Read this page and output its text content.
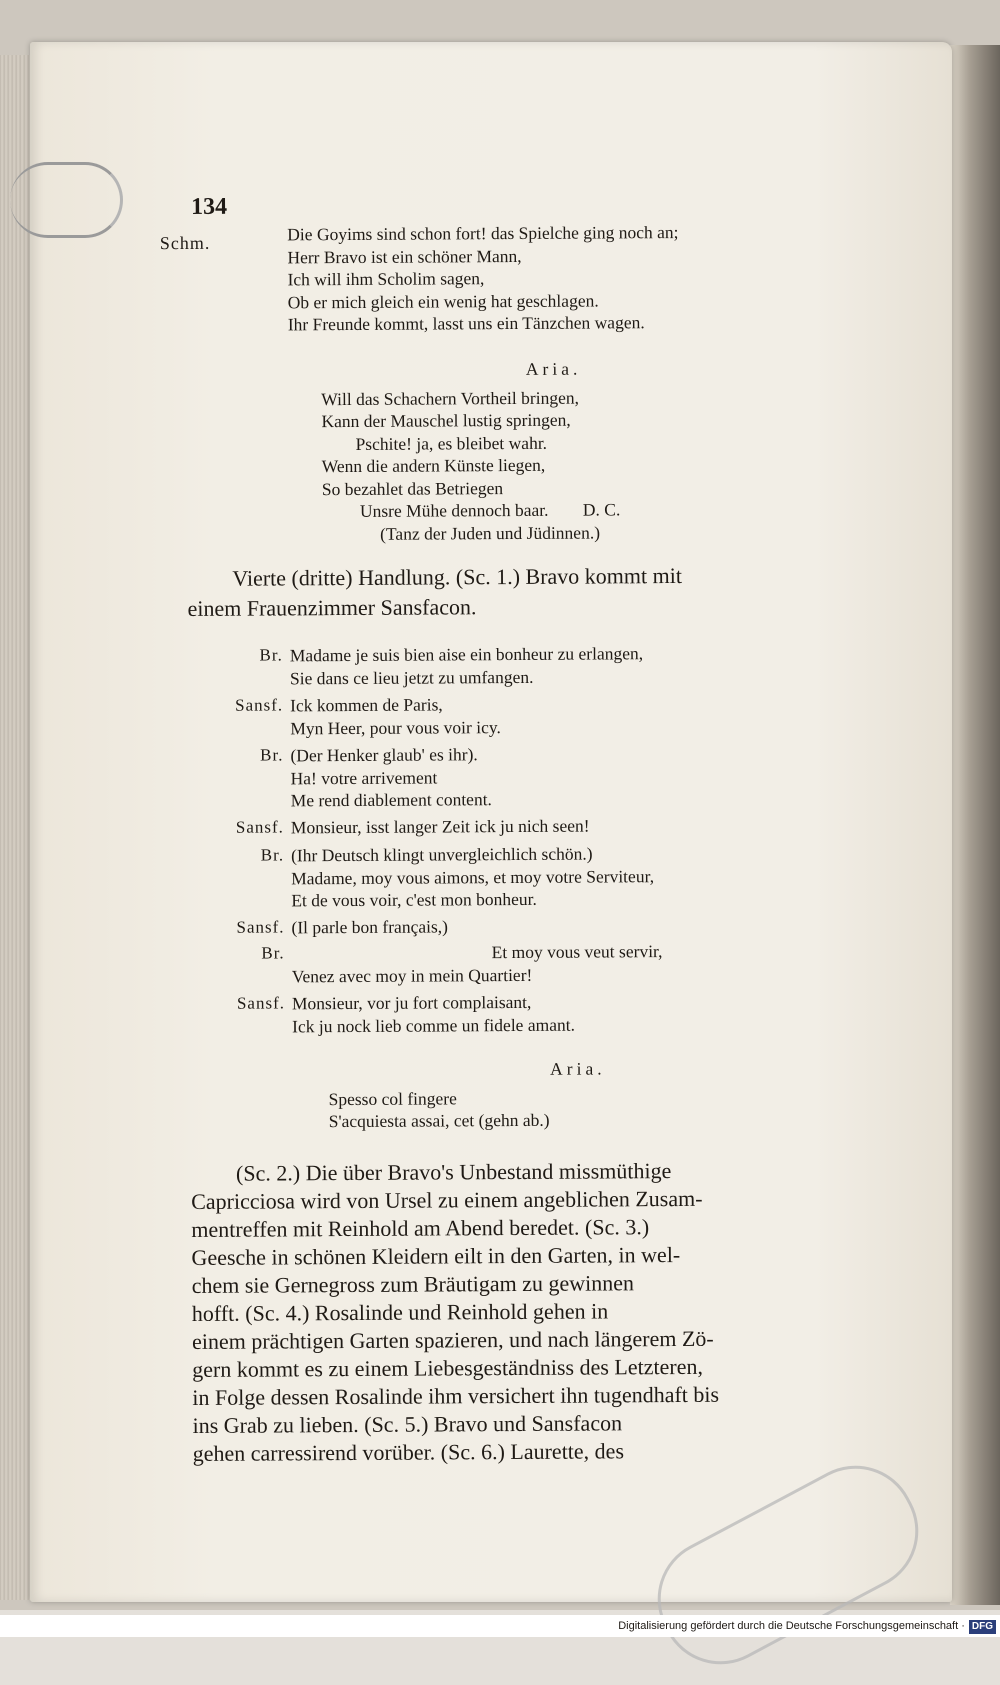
134
Schm.	Die Goyims sind schon fort! das Spielche ging noch an;
Herr Bravo ist ein schöner Mann,
Ich will ihm Scholim sagen,
Ob er mich gleich ein wenig hat geschlagen.
Ihr Freunde kommt, lasst uns ein Tänzchen wagen.
Aria.
Will das Schachern Vortheil bringen,
Kann der Mauschel lustig springen,
Pschite! ja, es bleibet wahr.
Wenn die andern Künste liegen,
So bezahlet das Betriegen
Unsre Mühe dennoch baar. D. C.
(Tanz der Juden und Jüdinnen.)
Vierte (dritte) Handlung. (Sc. 1.) Bravo kommt mit
einem Frauenzimmer Sansfacon.
Br. Madame je suis bien aise ein bonheur zu erlangen,
Sie dans ce lieu jetzt zu umfangen.
Sansf. Ick kommen de Paris,
Myn Heer, pour vous voir icy.
Br. (Der Henker glaub' es ihr).
Ha! votre arrivement
Me rend diablement content.
Sansf. Monsieur, isst langer Zeit ick ju nich seen!
Br. (Ihr Deutsch klingt unvergleichlich schön.)
Madame, moy vous aimons, et moy votre Serviteur,
Et de vous voir, c'est mon bonheur.
Sansf. (Il parle bon français,)
Br.	Et moy vous veut servir,
Venez avec moy in mein Quartier!
Sansf. Monsieur, vor ju fort complaisant,
Ick ju nock lieb comme un fidele amant.
Aria.
Spesso col fingere
S'acquiesta assai, cet (gehn ab.)
(Sc. 2.) Die über Bravo's Unbestand missmüthige
Capricciosa wird von Ursel zu einem angeblichen Zusam-
mentreffen mit Reinhold am Abend beredet. (Sc. 3.)
Geesche in schönen Kleidern eilt in den Garten, in wel-
chem sie Gernegross zum Bräutigam zu gewinnen
hofft. (Sc. 4.) Rosalinde und Reinhold gehen in
einem prächtigen Garten spazieren, und nach längerem Zö-
gern kommt es zu einem Liebesgeständniss des Letzteren,
in Folge dessen Rosalinde ihm versichert ihn tugendhaft bis
ins Grab zu lieben. (Sc. 5.) Bravo und Sansfacon
gehen carressirend vorüber. (Sc. 6.) Laurette, des
Digitalisierung gefördert durch die Deutsche Forschungsgemeinschaft · DFG
